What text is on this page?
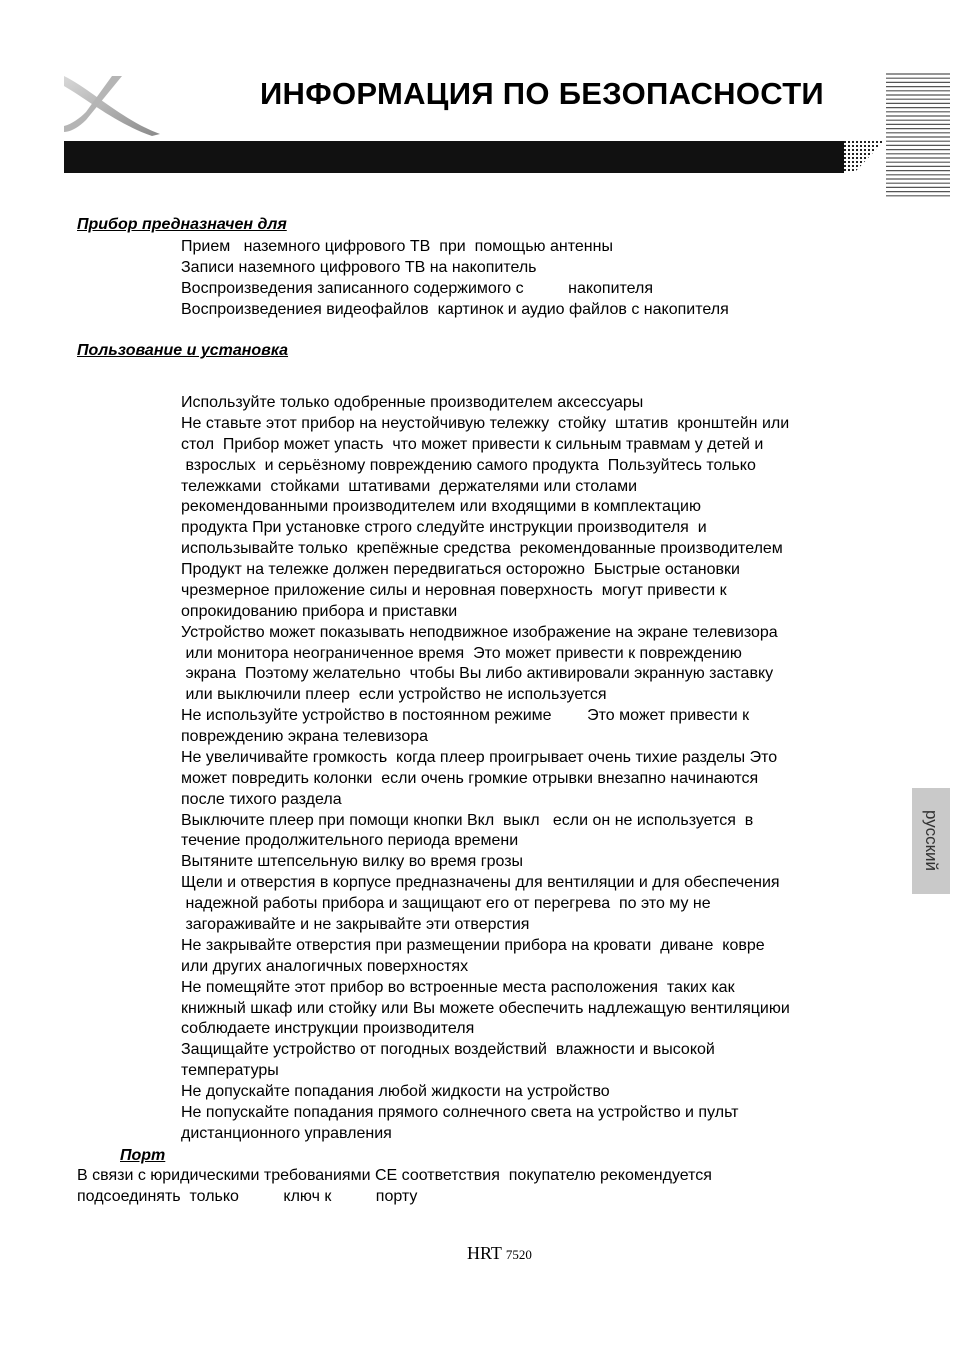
ИНФОРМАЦИЯ ПО БЕЗОПАСНОСТИ
русский

Прибор предназначен для

Прием   наземного цифрового ТВ  при  помощью антенны

Записи наземного цифрового ТВ на накопитель

Воспроизведения записанного содержимого с          накопителя

Воспроизведениея видеофайлов  картинок и аудио файлов с накопителя

Пользование и установка

Используйте только одобренные производителем аксессуары

Не ставьте этот прибор на неустойчивую тележку  стойку  штатив  кронштейн или

стол  Прибор может упасть  что может привести к сильным травмам у детей и

взрослых  и серьёзному повреждению самого продукта  Пользуйтесь только

тележками  стойками  штативами  держателями или столами

рекомендованными производителем или входящими в комплектацию

продукта При установке строго следуйте инструкции производителя  и

использывайте только  крепёжные средства  рекомендованные производителем

Продукт на тележке должен передвигаться осторожно  Быстрые остановки

чрезмерное приложение силы и неровная поверхность  могут привести к

опрокидованию прибора и приставки

Устройство может показывать неподвижное изображение на экране телевизора

или монитора неограниченное время  Это может привести к повреждению

экрана  Поэтому желательно  чтобы Вы либо активировали экранную заставку

или выключили плеер  если устройство не используется

Не используйте устройство в постоянном режиме        Это может привести к

повреждению экрана телевизора

Не увеличивайте громкость  когда плеер проигрывает очень тихие разделы Это

может повредить колонки  если очень громкие отрывки внезапно начинаются

после тихого раздела

Выключите плеер при помощи кнопки Вкл  выкл   если он не используется  в

течение продолжительного периода времени

Вытяните штепсельную вилку во время грозы

Щели и отверстия в корпусе предназначены для вентиляции и для обеспечения

надежной работы прибора и защищают его от перегрева  по это му не

загораживайте и не закрывайте эти отверстия

Не закрывайте отверстия при размещении прибора на кровати  диване  ковре

или других аналогичных поверхностях

Не помещяйте этот прибор во встроенные места расположения  таких как

книжный шкаф или стойку или Вы можете обеспечить надлежащую вентиляциюи

соблюдаете инструкции производителя

Защищайте устройство от погодных воздействий  влажности и высокой

температуры

Не допускайте попадания любой жидкости на устройство

Не попускайте попадания прямого солнечного света на устройство и пульт

дистанционного управления

Порт

В связи с юридическими требованиями CE соответствия  покупателю рекомендуется

подсоединять  только          ключ к          порту

HRT 7520
